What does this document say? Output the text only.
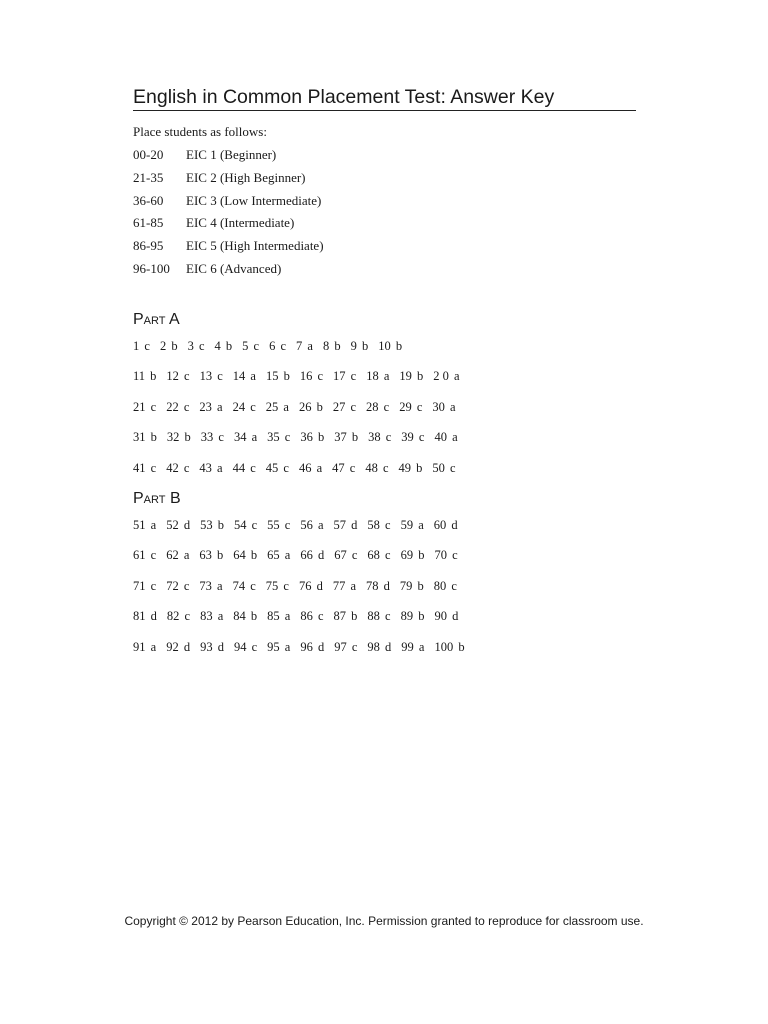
English in Common Placement Test: Answer Key
Place students as follows:
00-20	EIC 1 (Beginner)
21-35	EIC 2 (High Beginner)
36-60	EIC 3 (Low Intermediate)
61-85	EIC 4 (Intermediate)
86-95	EIC 5 (High Intermediate)
96-100	EIC 6 (Advanced)
Part A
1 c 2 b 3 c 4 b 5 c 6 c 7 a 8 b 9 b 10 b
11 b 12 c 13 c 14 a 15 b 16 c 17 c 18 a 19 b 2 0 a
21 c 22 c 23 a 24 c 25 a 26 b 27 c 28 c 29 c 30 a
31 b 32 b 33 c 34 a 35 c 36 b 37 b 38 c 39 c 40 a
41 c 42 c 43 a 44 c 45 c 46 a 47 c 48 c 49 b 50 c
Part B
51 a 52 d 53 b 54 c 55 c 56 a 57 d 58 c 59 a 60 d
61 c 62 a 63 b 64 b 65 a 66 d 67 c 68 c 69 b 70 c
71 c 72 c 73 a 74 c 75 c 76 d 77 a 78 d 79 b 80 c
81 d 82 c 83 a 84 b 85 a 86 c 87 b 88 c 89 b 90 d
91 a 92 d 93 d 94 c 95 a 96 d 97 c 98 d 99 a 100 b
Copyright © 2012 by Pearson Education, Inc. Permission granted to reproduce for classroom use.
